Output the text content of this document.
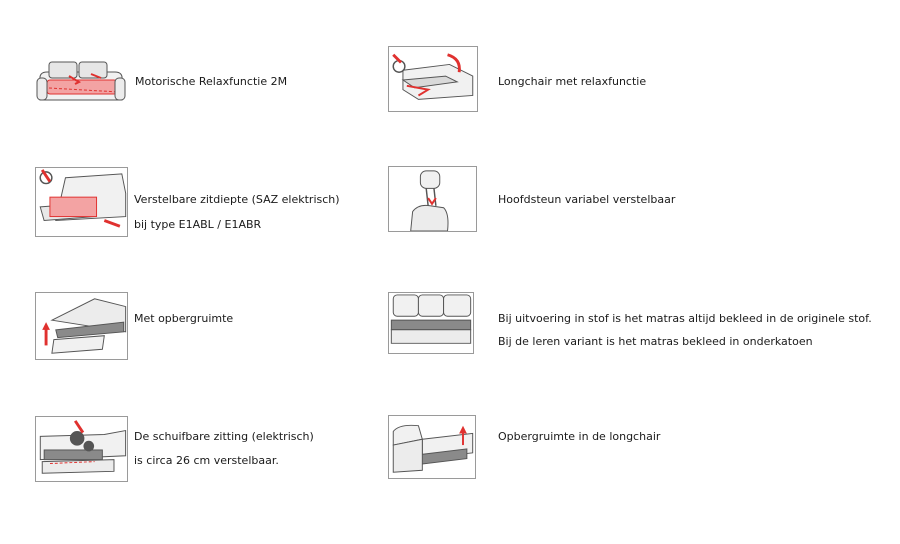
Motorische Relaxfunctie 2M	Longchair met relaxfunctie
Verstelbare zitdiepte (SAZ elektrisch)
bij type E1ABL / E1ABR
Hoofdsteun variabel verstelbaar
Met opbergruimte	Bij uitvoering in stof is het matras altijd bekleed in de originele stof.
Bij de leren variant is het matras bekleed in onderkatoen
De schuifbare zitting (elektrisch)
is circa 26 cm verstelbaar.
Opbergruimte in de longchair
